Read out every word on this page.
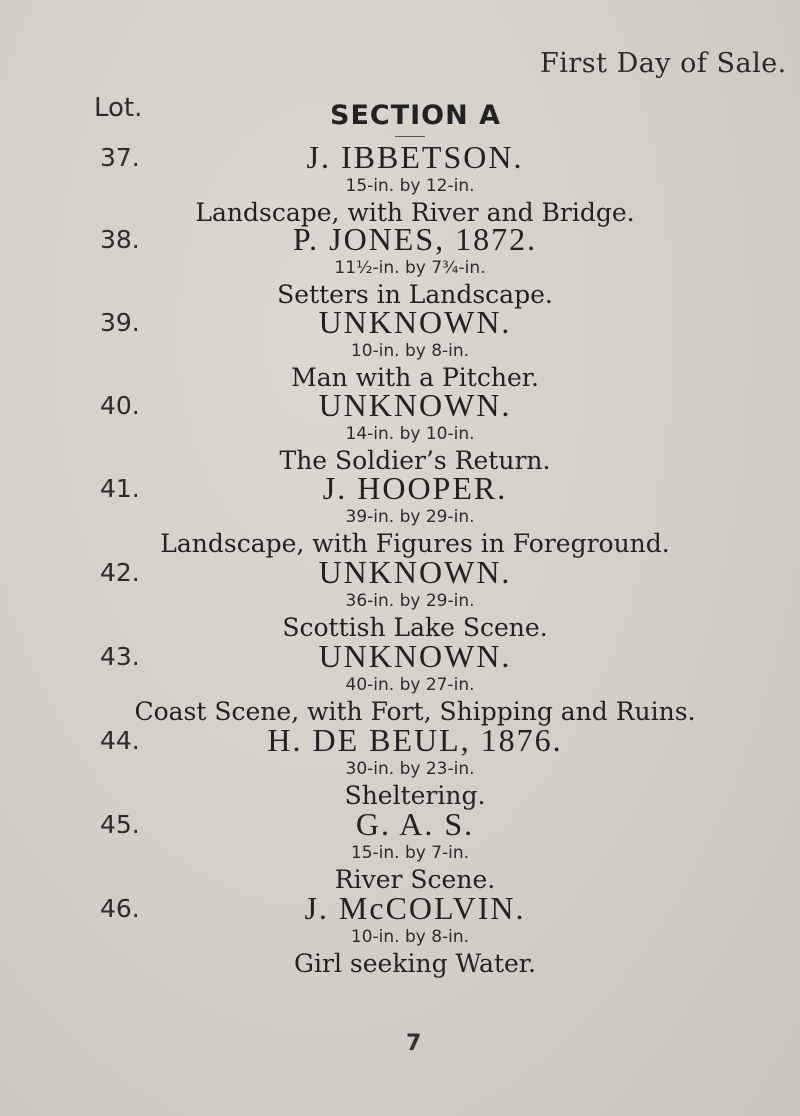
First Day of Sale.
Lot.	SECTION A
37.	J. IBBETSON.
15-in. by 12-in.
Landscape, with River and Bridge.
38.	P. JONES, 1872.
11½-in. by 7¾-in.
Setters in Landscape.
39.	UNKNOWN.
10-in. by 8-in.
Man with a Pitcher.
40.	UNKNOWN.
14-in. by 10-in.
The Soldier’s Return.
41.	J. HOOPER.
39-in. by 29-in.
Landscape, with Figures in Foreground.
42.	UNKNOWN.
36-in. by 29-in.
Scottish Lake Scene.
43.	UNKNOWN.
40-in. by 27-in.
Coast Scene, with Fort, Shipping and Ruins.
44.	H. DE BEUL, 1876.
30-in. by 23-in.
Sheltering.
45.	G. A. S.
15-in. by 7-in.
River Scene.
46.	J. McCOLVIN.
10-in. by 8-in.
Girl seeking Water.
7
